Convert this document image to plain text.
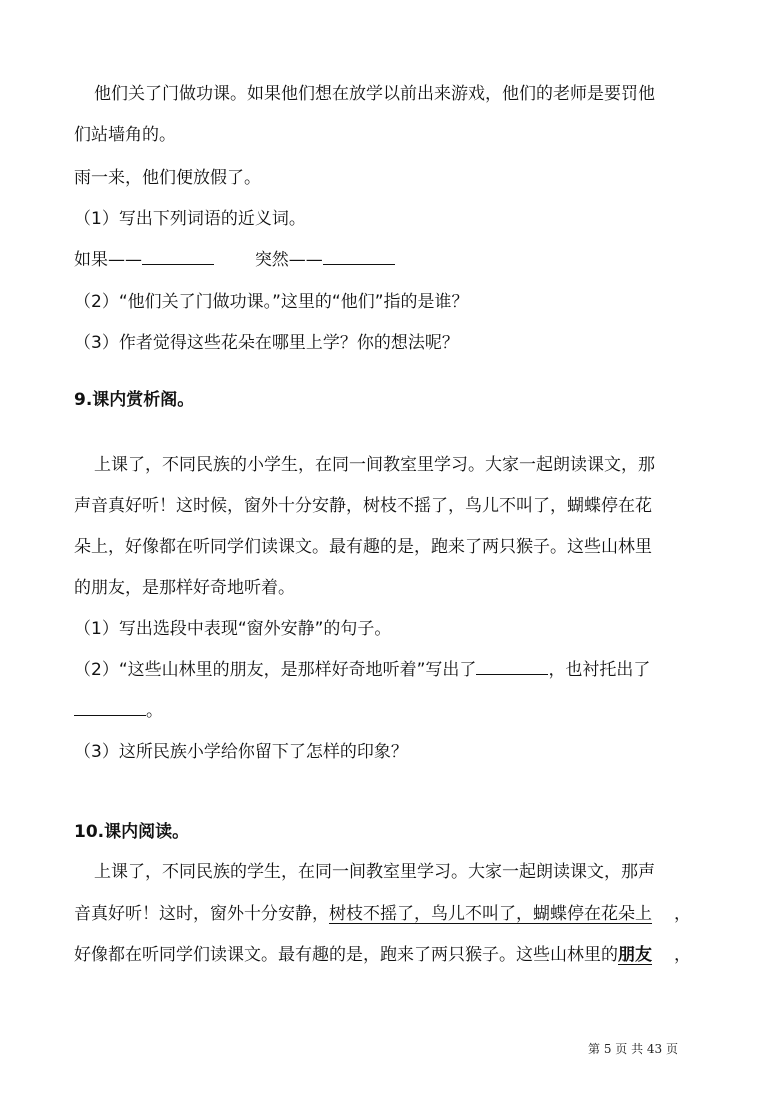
他们关了门做功课。如果他们想在放学以前出来游戏，他们的老师是要罚他
们站墙角的。
雨一来，他们便放假了。
（1）写出下列词语的近义词。
如果——	突然——
（2）“他们关了门做功课。”这里的“他们”指的是谁？
（3）作者觉得这些花朵在哪里上学？你的想法呢？
9.课内赏析阁。
上课了，不同民族的小学生，在同一间教室里学习。大家一起朗读课文，那
声音真好听！这时候，窗外十分安静，树枝不摇了，鸟儿不叫了，蝴蝶停在花
朵上，好像都在听同学们读课文。最有趣的是，跑来了两只猴子。这些山林里
的朋友，是那样好奇地听着。
（1）写出选段中表现“窗外安静”的句子。
（2）“这些山林里的朋友，是那样好奇地听着”写出了	，也衬托出了
。
（3）这所民族小学给你留下了怎样的印象？
10.课内阅读。
上课了，不同民族的学生，在同一间教室里学习。大家一起朗读课文，那声
音真好听！这时，窗外十分安静，树枝不摇了，鸟儿不叫了，蝴蝶停在花朵上 ，
好像都在听同学们读课文。最有趣的是，跑来了两只猴子。这些山林里的朋友 ，
第 5 页 共 43 页
